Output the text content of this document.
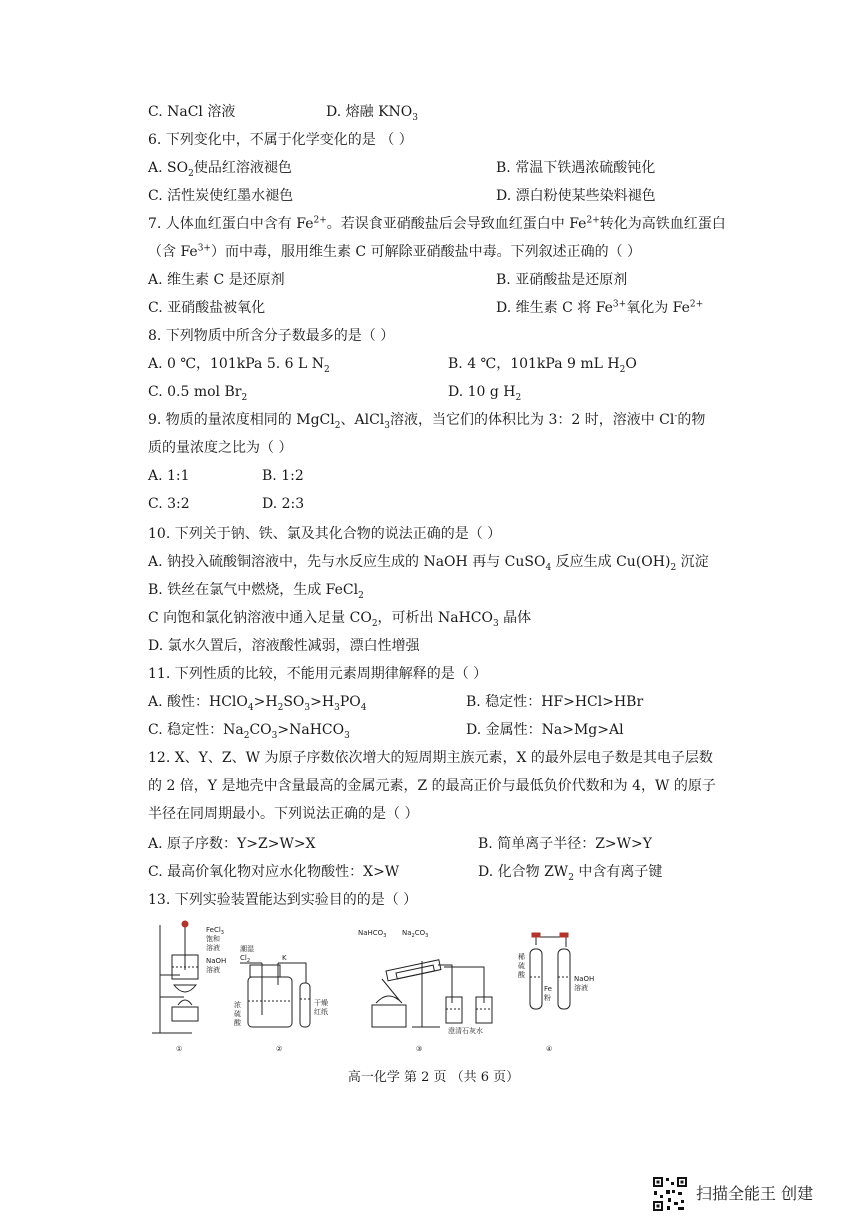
C. NaCl 溶液	D. 熔融 $KNO_3$
6. 下列变化中，不属于化学变化的是 （ ）
A. $SO_2$使品红溶液褪色	B. 常温下铁遇浓硫酸钝化
C. 活性炭使红墨水褪色	D. 漂白粉使某些染料褪色
7. 人体血红蛋白中含有 $Fe^{2+}$。若误食亚硝酸盐后会导致血红蛋白中 $Fe^{2+}$转化为高铁血红蛋白
（含 $Fe^{3+}$）而中毒，服用维生素 C 可解除亚硝酸盐中毒。下列叙述正确的（ ）
A. 维生素 C 是还原剂	B. 亚硝酸盐是还原剂
C. 亚硝酸盐被氧化	D. 维生素 C 将 $Fe^{3+}$氧化为 $Fe^{2+}$
8. 下列物质中所含分子数最多的是（ ）
A. 0 ℃，101kPa 5. 6 L $N_2$	B. 4 ℃，101kPa 9 mL $H_2O$
C. 0.5 mol $Br_2$	D. 10 g $H_2$
9. 物质的量浓度相同的 MgCl$_2$、AlCl$_3$溶液，当它们的体积比为 3：2 时，溶液中 Cl-的物
质的量浓度之比为（ ）
A. 1:1	B. 1:2
C. 3:2	D. 2:3
10. 下列关于钠、铁、氯及其化合物的说法正确的是（ ）
A. 钠投入硫酸铜溶液中，先与水反应生成的 NaOH 再与 CuSO$_4$ 反应生成 $Cu(OH)_2$ 沉淀
B. 铁丝在氯气中燃烧，生成 FeCl$_2$
C 向饱和氯化钠溶液中通入足量 $CO_2$，可析出 NaHCO$_3$ 晶体
D. 氯水久置后，溶液酸性减弱，漂白性增强
11. 下列性质的比较，不能用元素周期律解释的是（ ）
A. 酸性：$HClO_4>H_2SO_3>H_3PO_4$	B. 稳定性：HF>HCl>HBr
C. 稳定性：$Na_2CO_3>NaHCO_3$	D. 金属性：Na>Mg>Al
12. X、Y、Z、W 为原子序数依次增大的短周期主族元素，X 的最外层电子数是其电子层数
的 2 倍，Y 是地壳中含量最高的金属元素，Z 的最高正价与最低负价代数和为 4，W 的原子
半径在同周期最小。下列说法正确的是（ ）
A. 原子序数：Y>Z>W>X	B. 简单离子半径：Z>W>Y
C. 最高价氧化物对应水化物酸性：X>W	D. 化合物 $ZW_2$ 中含有离子键
13. 下列实验装置能达到实验目的的是（ ）
FeCl$_3$
饱和
溶液
NaOH
溶液
①
潮湿
$Cl_2$	K
浓
硫
酸
干燥
红纸
②
NaHCO$_3$ $Na_2CO_3$
澄清石灰水
③
稀
硫
酸
Fe
粉
NaOH
溶液
④
高一化学 第 2 页 （共 6 页）
扫描全能王 创建
